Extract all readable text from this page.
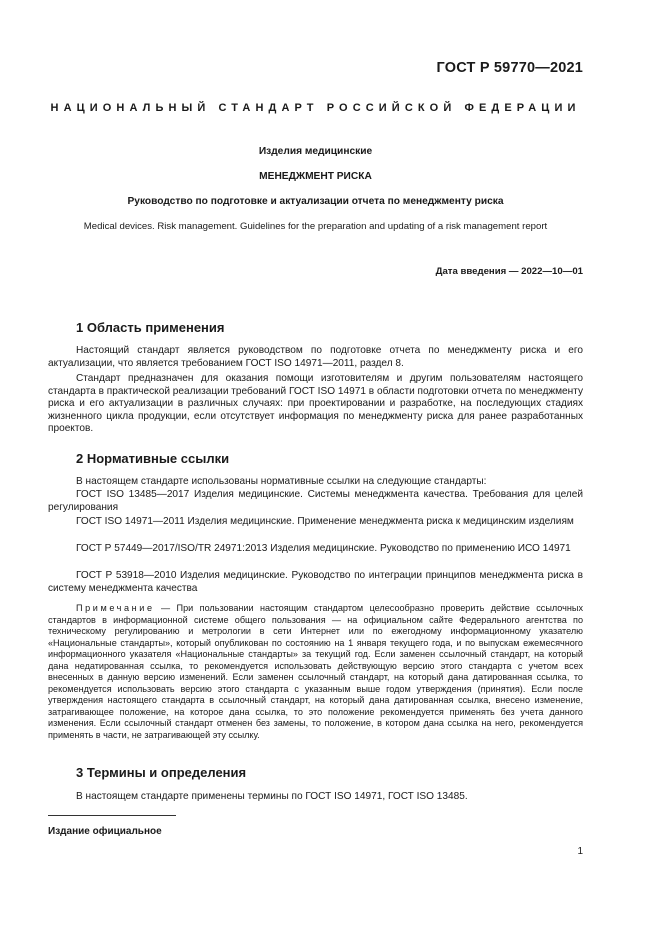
ГОСТ Р 59770—2021
НАЦИОНАЛЬНЫЙ СТАНДАРТ РОССИЙСКОЙ ФЕДЕРАЦИИ
Изделия медицинские
МЕНЕДЖМЕНТ РИСКА
Руководство по подготовке и актуализации отчета по менеджменту риска
Medical devices. Risk management. Guidelines for the preparation and updating of a risk management report
Дата введения — 2022—10—01
1 Область применения

Настоящий стандарт является руководством по подготовке отчета по менеджменту риска и его актуализации, что является требованием ГОСТ ISO 14971—2011, раздел 8.

Стандарт предназначен для оказания помощи изготовителям и другим пользователям настоящего стандарта в практической реализации требований ГОСТ ISO 14971 в области подготовки отчета по менеджменту риска и его актуализации в различных случаях: при проектировании и разработке, на последующих стадиях жизненного цикла продукции, если отсутствует информация по менеджменту риска для ранее разработанных проектов.

2 Нормативные ссылки

В настоящем стандарте использованы нормативные ссылки на следующие стандарты:

ГОСТ ISO 13485—2017 Изделия медицинские. Системы менеджмента качества. Требования для целей регулирования

ГОСТ ISO 14971—2011 Изделия медицинские. Применение менеджмента риска к медицинским изделиям

ГОСТ Р 57449—2017/ISO/TR 24971:2013 Изделия медицинские. Руководство по применению ИСО 14971

ГОСТ Р 53918—2010 Изделия медицинские. Руководство по интеграции принципов менеджмента риска в систему менеджмента качества

Примечание — При пользовании настоящим стандартом целесообразно проверить действие ссылочных стандартов в информационной системе общего пользования — на официальном сайте Федерального агентства по техническому регулированию и метрологии в сети Интернет или по ежегодному информационному указателю «Национальные стандарты», который опубликован по состоянию на 1 января текущего года, и по выпускам ежемесячного информационного указателя «Национальные стандарты» за текущий год. Если заменен ссылочный стандарт, на который дана недатированная ссылка, то рекомендуется использовать действующую версию этого стандарта с учетом всех внесенных в данную версию изменений. Если заменен ссылочный стандарт, на который дана датированная ссылка, то рекомендуется использовать версию этого стандарта с указанным выше годом утверждения (принятия). Если после утверждения настоящего стандарта в ссылочный стандарт, на который дана датированная ссылка, внесено изменение, затрагивающее положение, на которое дана ссылка, то это положение рекомендуется применять без учета данного изменения. Если ссылочный стандарт отменен без замены, то положение, в котором дана ссылка на него, рекомендуется применять в части, не затрагивающей эту ссылку.

3 Термины и определения

В настоящем стандарте применены термины по ГОСТ ISO 14971, ГОСТ ISO 13485.

Издание официальное
1
